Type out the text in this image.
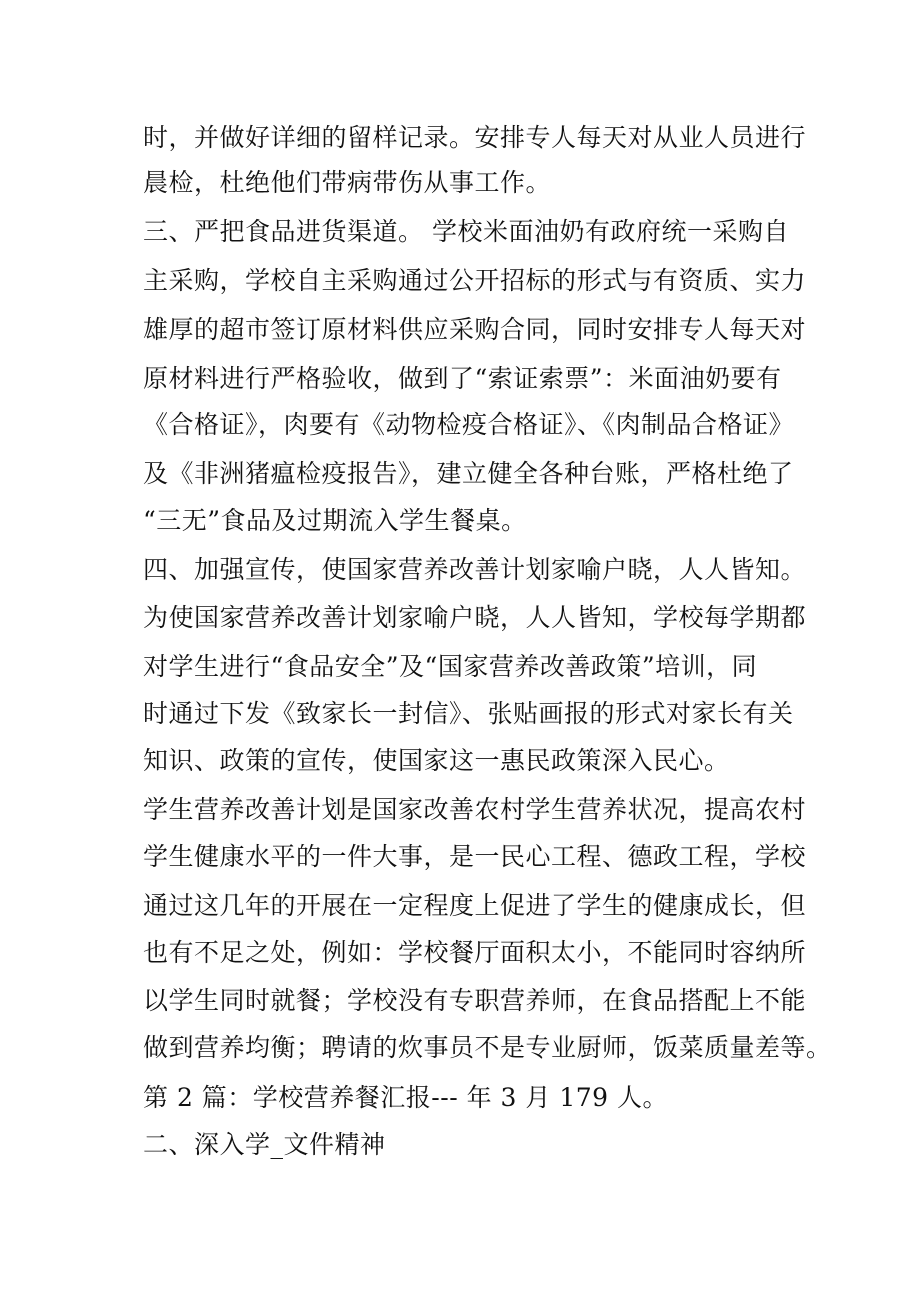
时，并做好详细的留样记录。安排专人每天对从业人员进行
晨检，杜绝他们带病带伤从事工作。
三、严把食品进货渠道。 学校米面油奶有政府统一采购自
主采购，学校自主采购通过公开招标的形式与有资质、实力
雄厚的超市签订原材料供应采购合同，同时安排专人每天对
原材料进行严格验收，做到了“索证索票”：米面油奶要有
《合格证》，肉要有《动物检疫合格证》、《肉制品合格证》
及《非洲猪瘟检疫报告》，建立健全各种台账，严格杜绝了
“三无”食品及过期流入学生餐桌。
四、加强宣传，使国家营养改善计划家喻户晓，人人皆知。
为使国家营养改善计划家喻户晓，人人皆知，学校每学期都
对学生进行“食品安全”及“国家营养改善政策”培训，同
时通过下发《致家长一封信》、张贴画报的形式对家长有关
知识、政策的宣传，使国家这一惠民政策深入民心。
学生营养改善计划是国家改善农村学生营养状况，提高农村
学生健康水平的一件大事，是一民心工程、德政工程，学校
通过这几年的开展在一定程度上促进了学生的健康成长，但
也有不足之处，例如：学校餐厅面积太小，不能同时容纳所
以学生同时就餐；学校没有专职营养师，在食品搭配上不能
做到营养均衡；聘请的炊事员不是专业厨师，饭菜质量差等。
第 2 篇：学校营养餐汇报--- 年 3 月 179 人。
二、深入学_文件精神
